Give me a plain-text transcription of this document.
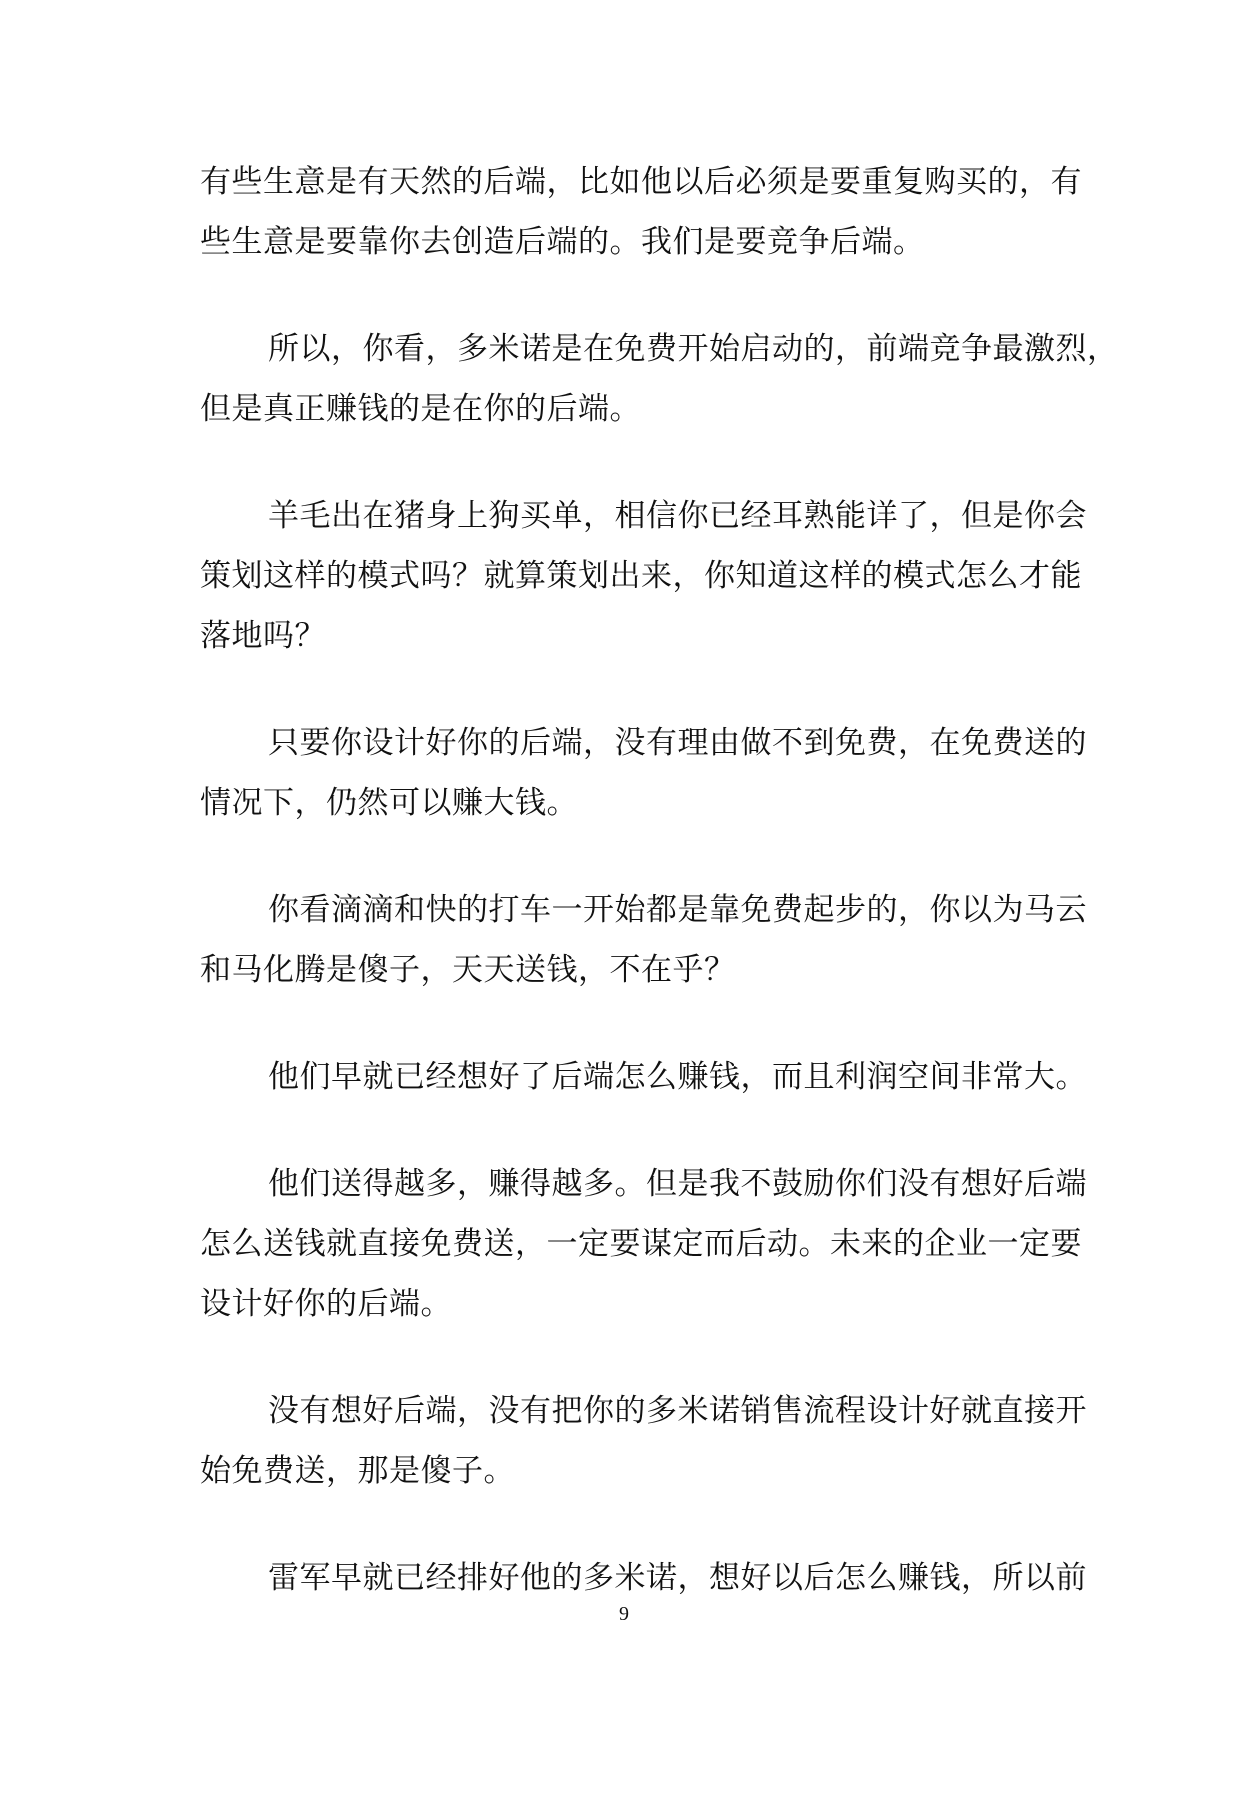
有些生意是有天然的后端，比如他以后必须是要重复购买的，有
些生意是要靠你去创造后端的。我们是要竞争后端。

所以，你看，多米诺是在免费开始启动的，前端竞争最激烈，
但是真正赚钱的是在你的后端。

羊毛出在猪身上狗买单，相信你已经耳熟能详了，但是你会
策划这样的模式吗？就算策划出来，你知道这样的模式怎么才能
落地吗？

只要你设计好你的后端，没有理由做不到免费，在免费送的
情况下，仍然可以赚大钱。

你看滴滴和快的打车一开始都是靠免费起步的，你以为马云
和马化腾是傻子，天天送钱，不在乎？

他们早就已经想好了后端怎么赚钱，而且利润空间非常大。

他们送得越多，赚得越多。但是我不鼓励你们没有想好后端
怎么送钱就直接免费送，一定要谋定而后动。未来的企业一定要
设计好你的后端。

没有想好后端，没有把你的多米诺销售流程设计好就直接开
始免费送，那是傻子。

雷军早就已经排好他的多米诺，想好以后怎么赚钱，所以前

9
